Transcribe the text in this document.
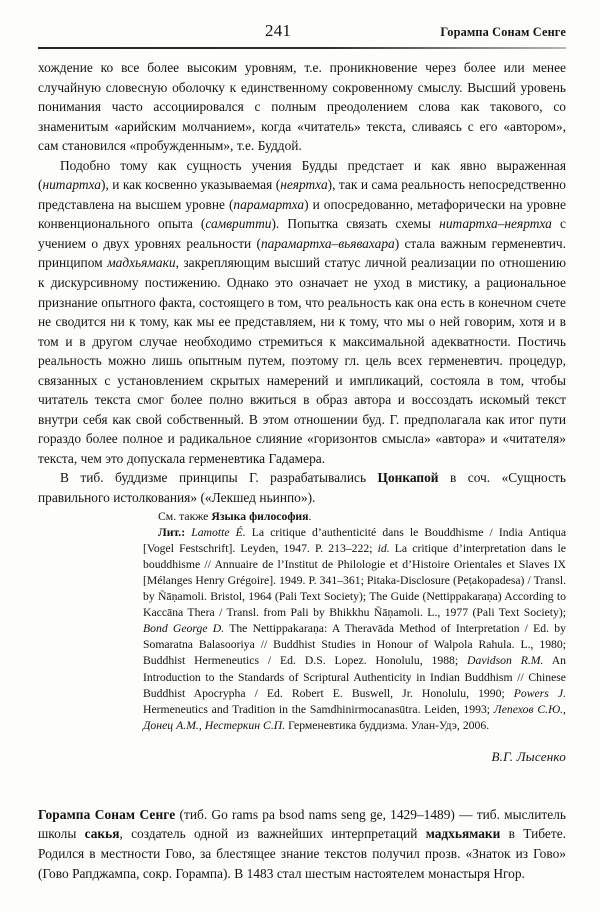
241	Горампа Сонам Сенге

хождение ко все более высоким уровням, т.е. проникновение через более или менее случайную словесную оболочку к единственному сокровенному смыслу. Высший уровень понимания часто ассоциировался с полным преодолением слова как такового, со знаменитым «арийским молчанием», когда «читатель» текста, сливаясь с его «автором», сам становился «пробужденным», т.е. Буддой.

Подобно тому как сущность учения Будды предстает и как явно выраженная (нитартха), и как косвенно указываемая (неяртха), так и сама реальность непосредственно представлена на высшем уровне (парамартха) и опосредованно, метафорически на уровне конвенционального опыта (самвритти). Попытка связать схемы нитартха–неяртха с учением о двух уровнях реальности (парамартха–вьявахара) стала важным герменевтич. принципом мадхьямаки, закрепляющим высший статус личной реализации по отношению к дискурсивному постижению. Однако это означает не уход в мистику, а рациональное признание опытного факта, состоящего в том, что реальность как она есть в конечном счете не сводится ни к тому, как мы ее представляем, ни к тому, что мы о ней говорим, хотя и в том и в другом случае необходимо стремиться к максимальной адекватности. Постичь реальность можно лишь опытным путем, поэтому гл. цель всех герменевтич. процедур, связанных с установлением скрытых намерений и импликаций, состояла в том, чтобы читатель текста смог более полно вжиться в образ автора и воссоздать искомый текст внутри себя как свой собственный. В этом отношении буд. Г. предполагала как итог пути гораздо более полное и радикальное слияние «горизонтов смысла» «автора» и «читателя» текста, чем это допускала герменевтика Гадамера.

В тиб. буддизме принципы Г. разрабатывались Цонкапой в соч. «Сущность правильного истолкования» («Лекшед ньинпо»).

См. также Языка философия.

Лит.: Lamotte É. La critique d’authenticité dans le Bouddhisme / India Antiqua [Vogel Festschrift]. Leyden, 1947. P. 213–222; id. La critique d’interpretation dans le bouddhisme // Annuaire de l’Institut de Philologie et d’Histoire Orientales et Slaves IX [Mélanges Henry Grégoire]. 1949. P. 341–361; Pitaka-Disclosure (Peṭakopadesa) / Transl. by Ñāṇamoli. Bristol, 1964 (Pali Text Society); The Guide (Nettippakaraṇa) According to Kaccāna Thera / Transl. from Pali by Bhikkhu Ñāṇamoli. L., 1977 (Pali Text Society); Bond George D. The Nettippakaraṇa: A Theravāda Method of Interpretation / Ed. by Somaratna Balasooriya // Buddhist Studies in Honour of Walpola Rahula. L., 1980; Buddhist Hermeneutics / Ed. D.S. Lopez. Honolulu, 1988; Davidson R.M. An Introduction to the Standards of Scriptural Authenticity in Indian Buddhism // Chinese Buddhist Apocrypha / Ed. Robert E. Buswell, Jr. Honolulu, 1990; Powers J. Hermeneutics and Tradition in the Samdhinirmocanasūtra. Leiden, 1993; Лепехов С.Ю., Донец А.М., Нестеркин С.П. Герменевтика буддизма. Улан-Удэ, 2006.

В.Г. Лысенко

Горампа Сонам Сенге (тиб. Go rams pa bsod nams seng ge, 1429–1489) — тиб. мыслитель школы сакья, создатель одной из важнейших интерпретаций мадхьямаки в Тибете. Родился в местности Гово, за блестящее знание текстов получил прозв. «Знаток из Гово» (Гово Рапджампа, сокр. Горампа). В 1483 стал шестым настоятелем монастыря Нгор.
